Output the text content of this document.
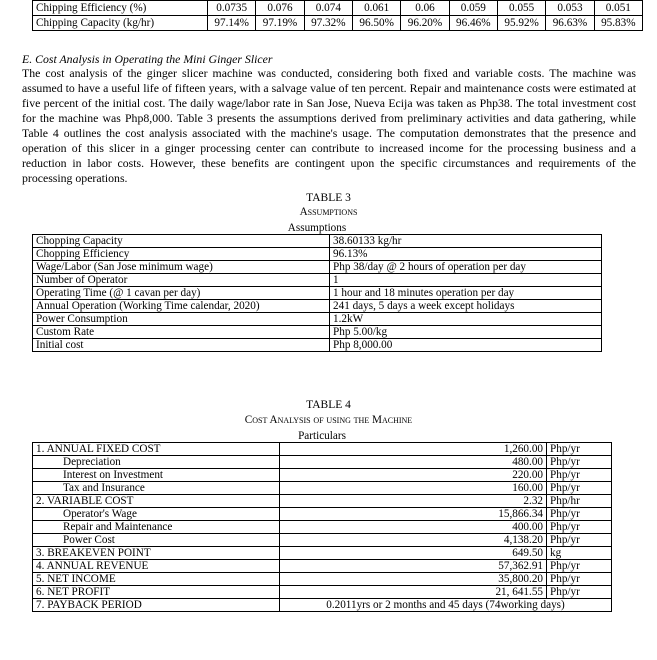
Chipping Efficiency (%)	0.0735	0.076	0.074	0.061	0.06	0.059	0.055	0.053	0.051
Chipping Capacity (kg/hr)	97.14%	97.19%	97.32%	96.50%	96.20%	96.46%	95.92%	96.63%	95.83%
E. Cost Analysis in Operating the Mini Ginger Slicer

The cost analysis of the ginger slicer machine was conducted, considering both fixed and variable costs. The machine was assumed to have a useful life of fifteen years, with a salvage value of ten percent. Repair and maintenance costs were estimated at five percent of the initial cost. The daily wage/labor rate in San Jose, Nueva Ecija was taken as Php38. The total investment cost for the machine was Php8,000. Table 3 presents the assumptions derived from preliminary activities and data gathering, while Table 4 outlines the cost analysis associated with the machine's usage. The computation demonstrates that the presence and operation of this slicer in a ginger processing center can contribute to increased income for the processing business and a reduction in labor costs. However, these benefits are contingent upon the specific circumstances and requirements of the processing operations.

TABLE 3
Assumptions
Assumptions	
Chopping Capacity	38.60133 kg/hr
Chopping Efficiency	96.13%
Wage/Labor (San Jose minimum wage)	Php 38/day @ 2 hours of operation per day
Number of Operator	1
Operating Time (@ 1 cavan per day)	1 hour and 18 minutes operation per day
Annual Operation (Working Time calendar, 2020)	241 days, 5 days a week except holidays
Power Consumption	1.2kW
Custom Rate	Php 5.00/kg
Initial cost	Php 8,000.00
TABLE 4
Cost Analysis of using the Machine
Particulars		
1. ANNUAL FIXED COST	1,260.00	Php/yr
Depreciation	480.00	Php/yr
Interest on Investment	220.00	Php/yr
Tax and Insurance	160.00	Php/yr
2. VARIABLE COST	2.32	Php/hr
Operator's Wage	15,866.34	Php/yr
Repair and Maintenance	400.00	Php/yr
Power Cost	4,138.20	Php/yr
3. BREAKEVEN POINT	649.50	kg
4. ANNUAL REVENUE	57,362.91	Php/yr
5. NET INCOME	35,800.20	Php/yr
6. NET PROFIT	21, 641.55	Php/yr
7. PAYBACK PERIOD	0.2011yrs or 2 months and 45 days (74working days)	
